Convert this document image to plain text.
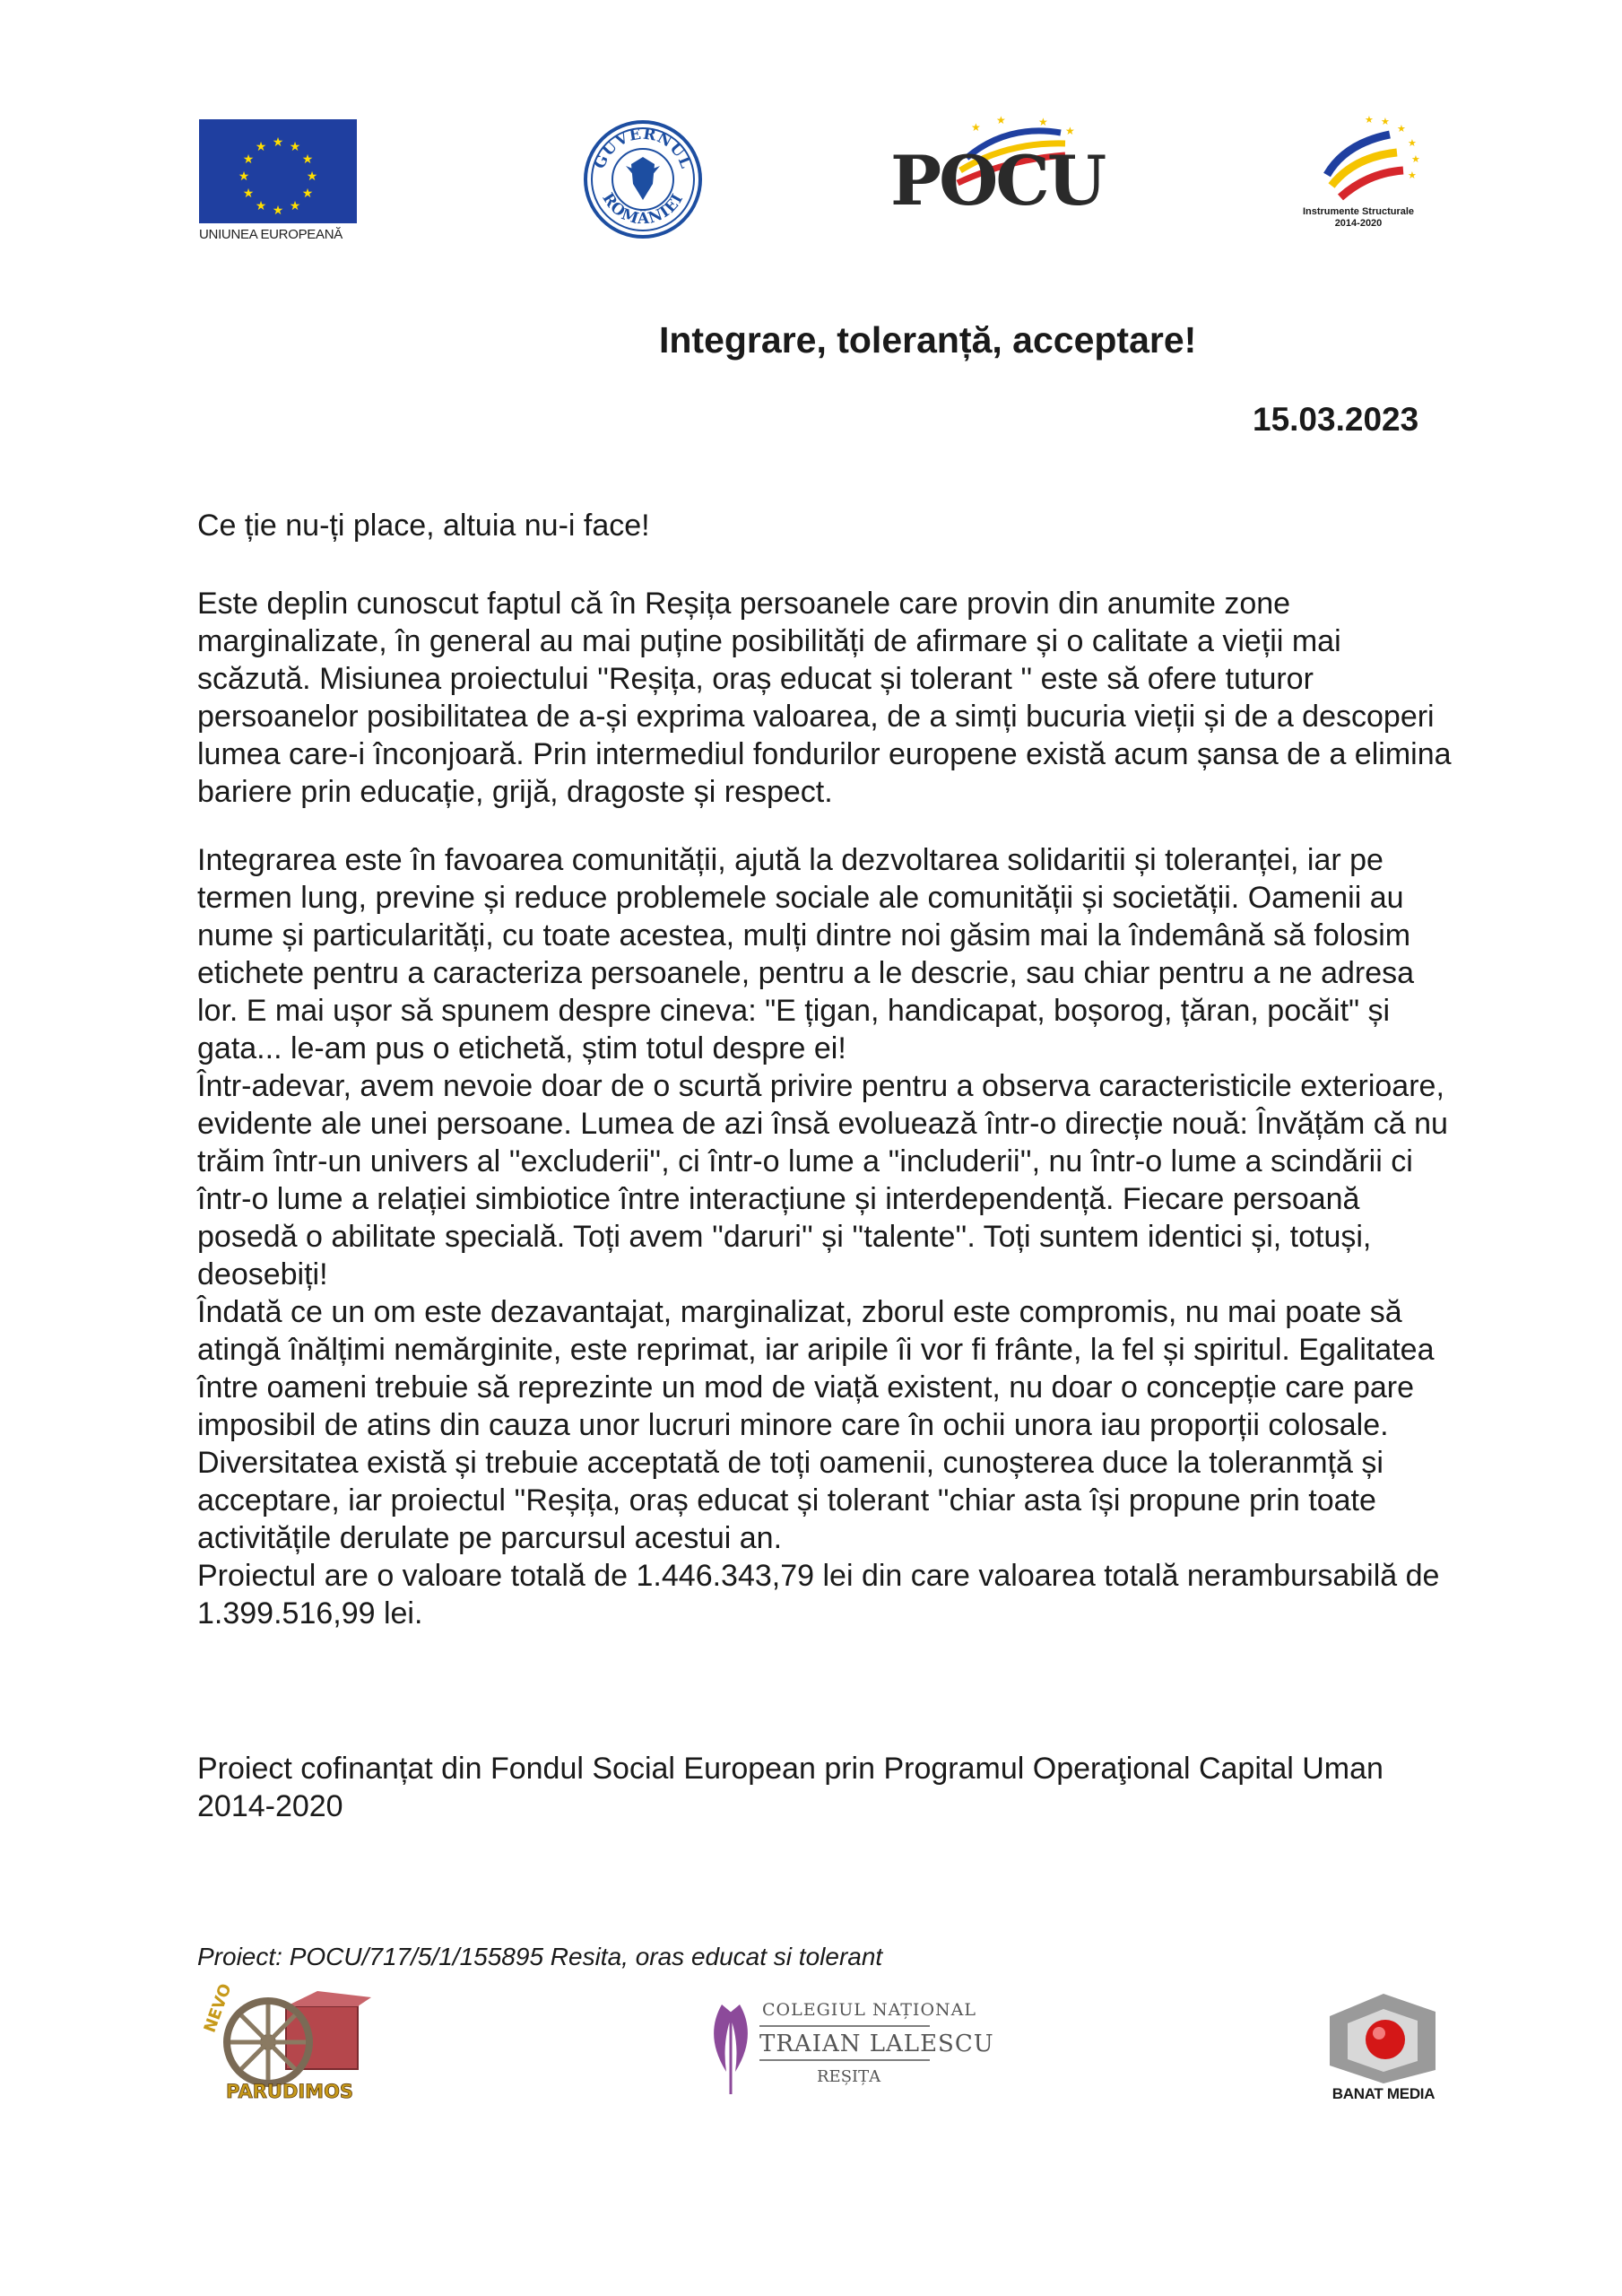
★ ★
★
★
★
★
★
★
★
★
★
★
UNIUNEA EUROPEANĂ
GUVERNUL
ROMÂNIEI
★
★	★
★
POCU
★
★
★
★
★
★
Instrumente Structurale
2014-2020
Integrare, toleranță, acceptare!
15.03.2023

Ce ție nu-ți place, altuia nu-i face!

Este deplin cunoscut faptul că în Reșița persoanele care provin din anumite zone marginalizate, în general au mai puține posibilități de afirmare și o calitate a vieții mai scăzută. Misiunea proiectului ''Reșița, oraș educat și tolerant '' este să ofere tuturor persoanelor posibilitatea de a-și exprima valoarea, de a simți bucuria vieții și de a descoperi lumea care-i înconjoară. Prin intermediul fondurilor europene există acum șansa de a elimina bariere prin educație, grijă, dragoste și respect.

Integrarea este în favoarea comunității, ajută la dezvoltarea solidaritii și toleranței, iar pe termen lung, previne și reduce problemele sociale ale comunității și societății. Oamenii au nume și particularități, cu toate acestea, mulți dintre noi găsim mai la îndemână să folosim etichete pentru a caracteriza persoanele, pentru a le descrie, sau chiar pentru a ne adresa lor. E mai ușor să spunem despre cineva: "E țigan, handicapat, boșorog, țăran, pocăit" și gata... le-am pus o etichetă, știm totul despre ei!
Într-adevar, avem nevoie doar de o scurtă privire pentru a observa caracteristicile exterioare, evidente ale unei persoane. Lumea de azi însă evoluează într-o direcție nouă: Învățăm că nu trăim într-un univers al ''excluderii'', ci într-o lume a ''includerii'', nu într-o lume a scindării ci într-o lume a relației simbiotice între interacțiune și interdependență. Fiecare persoană posedă o abilitate specială. Toți avem ''daruri'' și ''talente''. Toți suntem identici și, totuși, deosebiți!
Îndată ce un om este dezavantajat, marginalizat, zborul este compromis, nu mai poate să atingă înălțimi nemărginite, este reprimat, iar aripile îi vor fi frânte, la fel și spiritul. Egalitatea între oameni trebuie să reprezinte un mod de viață existent, nu doar o concepție care pare imposibil de atins din cauza unor lucruri minore care în ochii unora iau proporții colosale. Diversitatea există și trebuie acceptată de toți oamenii, cunoșterea duce la toleranmță și acceptare, iar proiectul ''Reșița, oraș educat și tolerant ''chiar asta își propune prin toate activitățile derulate pe parcursul acestui an.
Proiectul are o valoare totală de 1.446.343,79 lei din care valoarea totală nerambursabilă de 1.399.516,99 lei.

Proiect cofinanțat din Fondul Social European prin Programul Operaţional Capital Uman 2014-2020

Proiect: POCU/717/5/1/155895 Resita, oras educat si tolerant
NEVO
PARUDIMOS
COLEGIUL NAȚIONAL
TRAIAN LALESCU
REȘIȚA
BANAT MEDIA
